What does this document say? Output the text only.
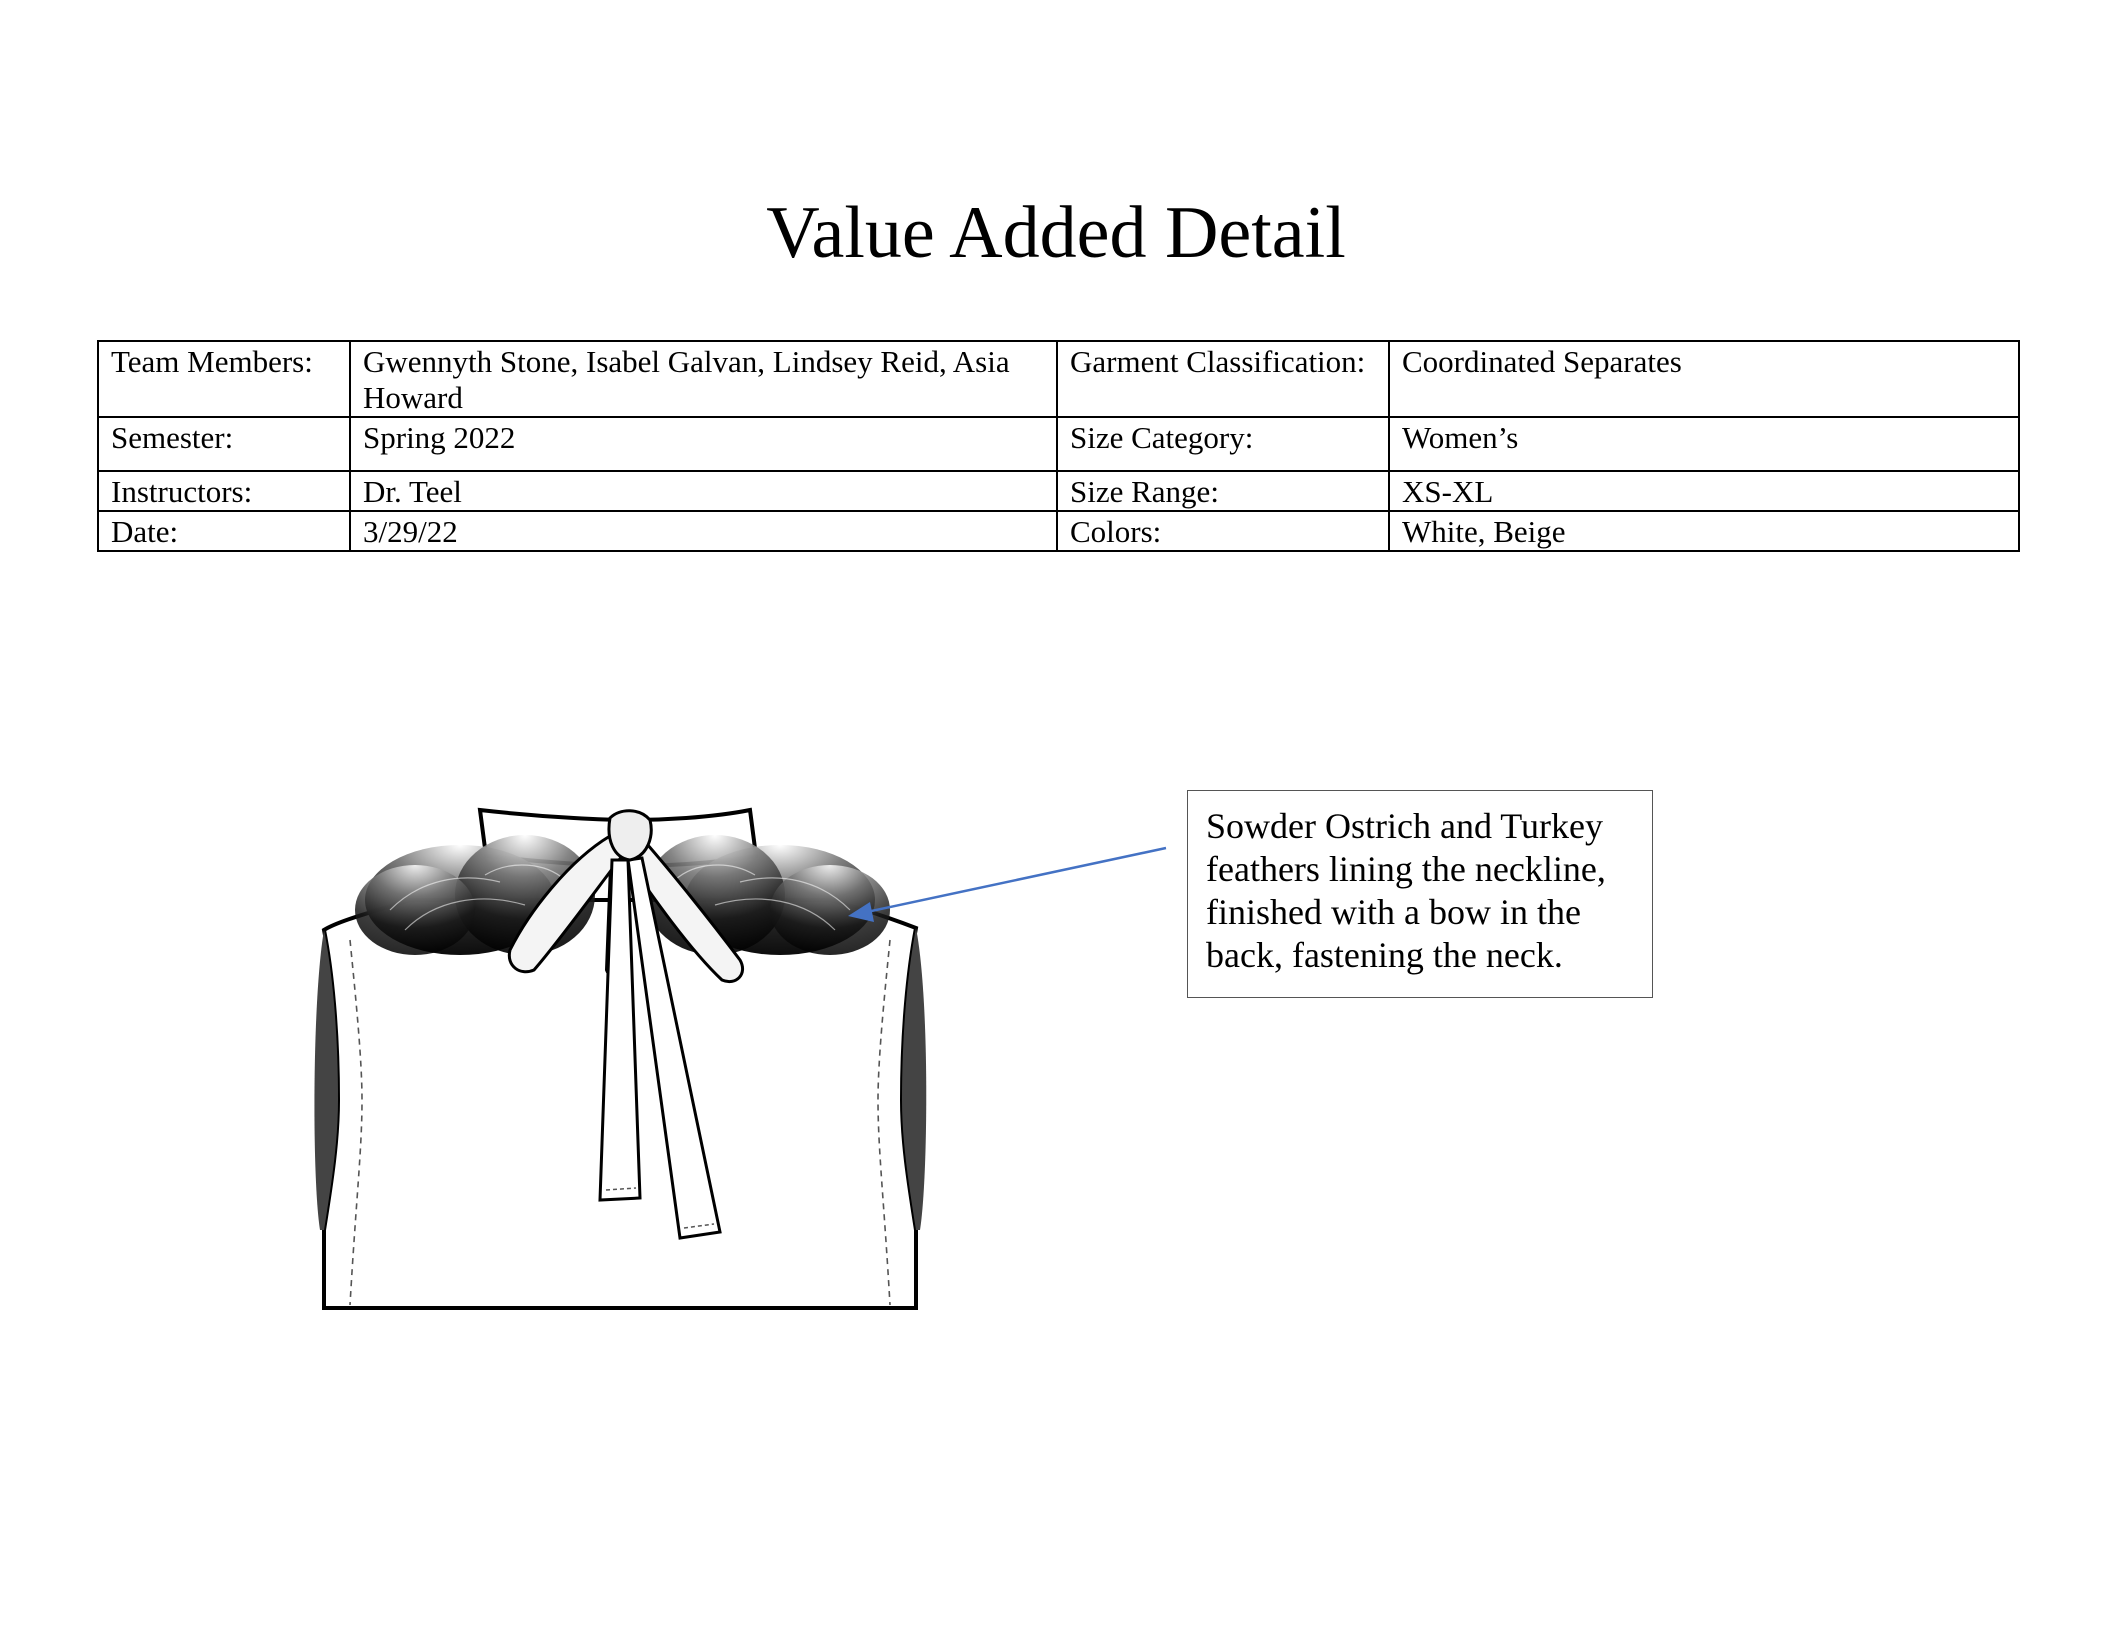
Value Added Detail
Team Members:	Gwennyth Stone, Isabel Galvan, Lindsey Reid, Asia Howard	Garment Classification:	Coordinated Separates
Semester:	Spring 2022	Size Category:	Women’s
Instructors:	Dr. Teel	Size Range:	XS-XL
Date:	3/29/22	Colors:	White, Beige
Sowder Ostrich and Turkey feathers lining the neckline, finished with a bow in the back, fastening the neck.
